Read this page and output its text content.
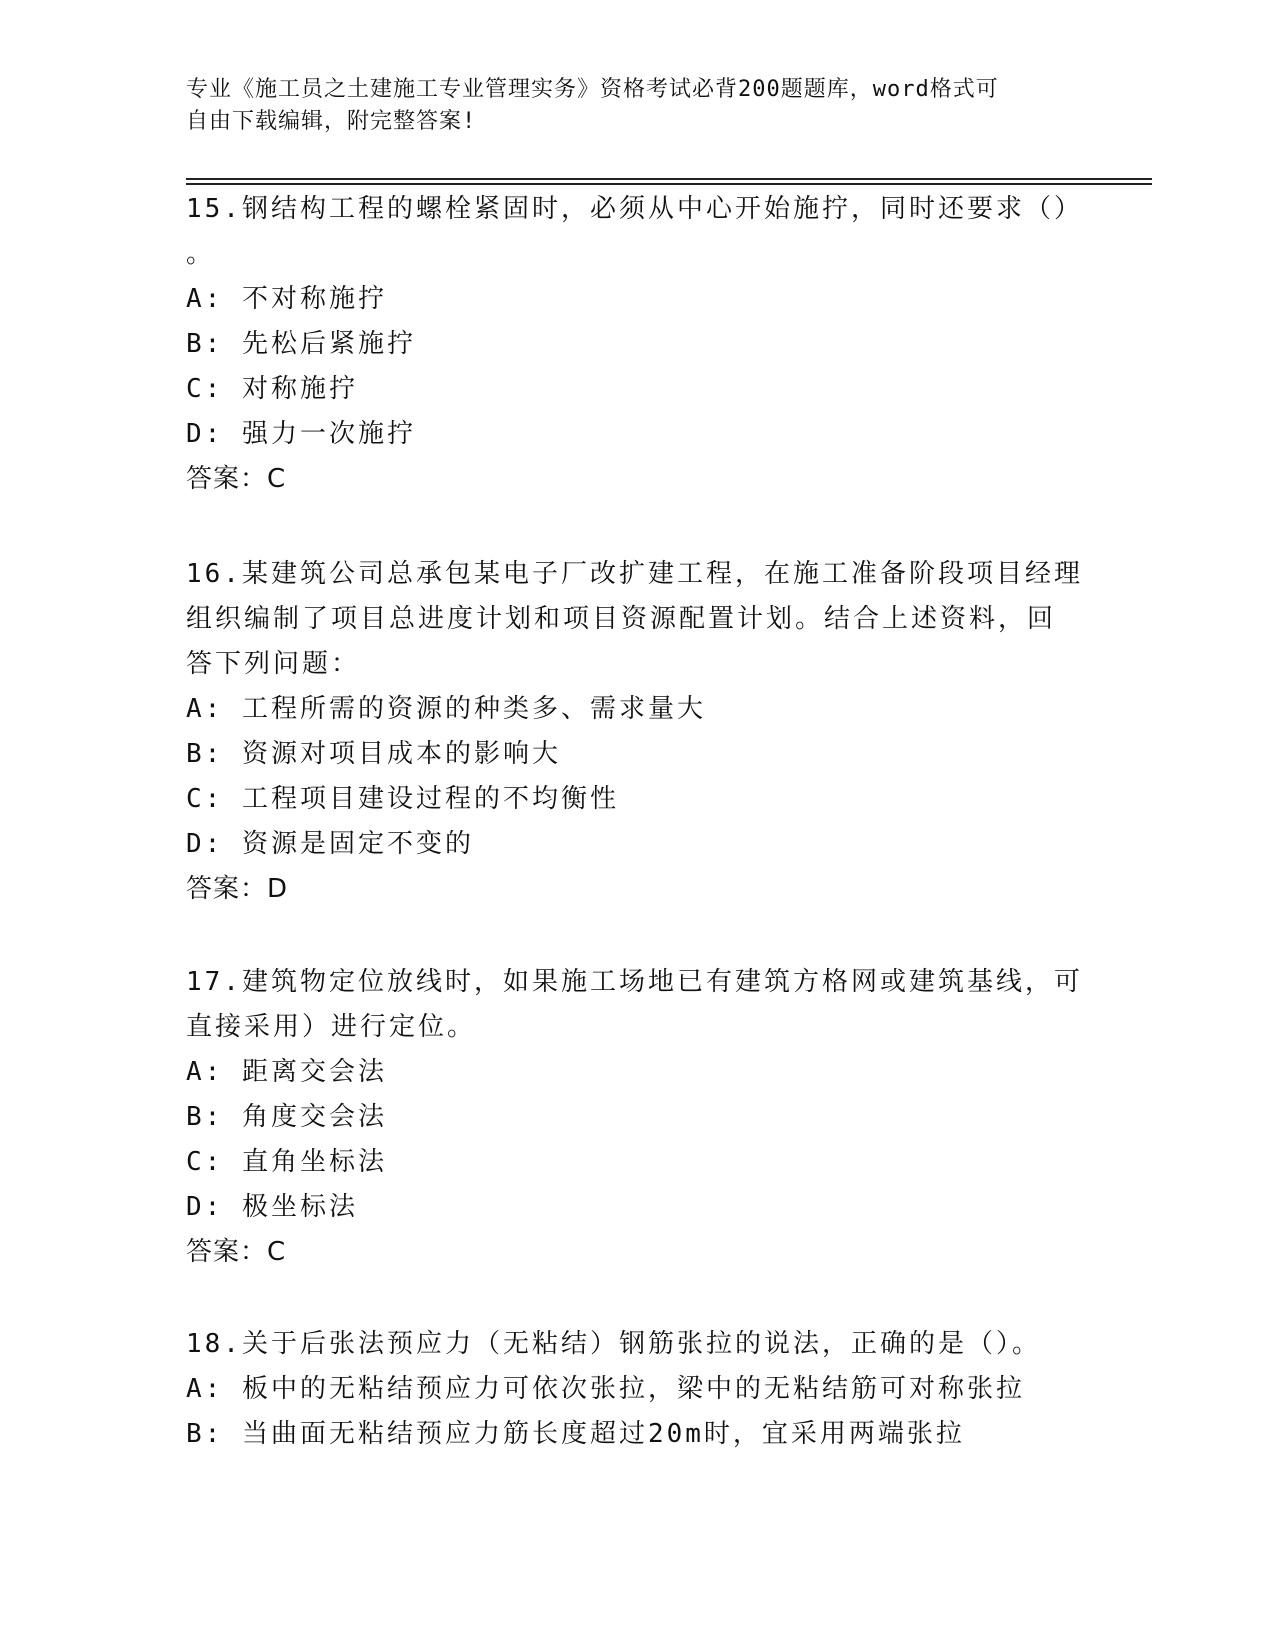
专业《施工员之土建施工专业管理实务》资格考试必背200题题库，word格式可
自由下载编辑，附完整答案!
15.钢结构工程的螺栓紧固时，必须从中心开始施拧，同时还要求（）
。
A: 不对称施拧
B: 先松后紧施拧
C: 对称施拧
D: 强力一次施拧
答案：C
16.某建筑公司总承包某电子厂改扩建工程，在施工准备阶段项目经理
组织编制了项目总进度计划和项目资源配置计划。结合上述资料，回
答下列问题：
A: 工程所需的资源的种类多、需求量大
B: 资源对项目成本的影响大
C: 工程项目建设过程的不均衡性
D: 资源是固定不变的
答案：D
17.建筑物定位放线时，如果施工场地已有建筑方格网或建筑基线，可
直接采用）进行定位。
A: 距离交会法
B: 角度交会法
C: 直角坐标法
D: 极坐标法
答案：C
18.关于后张法预应力（无粘结）钢筋张拉的说法，正确的是（）。
A: 板中的无粘结预应力可依次张拉，梁中的无粘结筋可对称张拉
B: 当曲面无粘结预应力筋长度超过20m时，宜采用两端张拉
